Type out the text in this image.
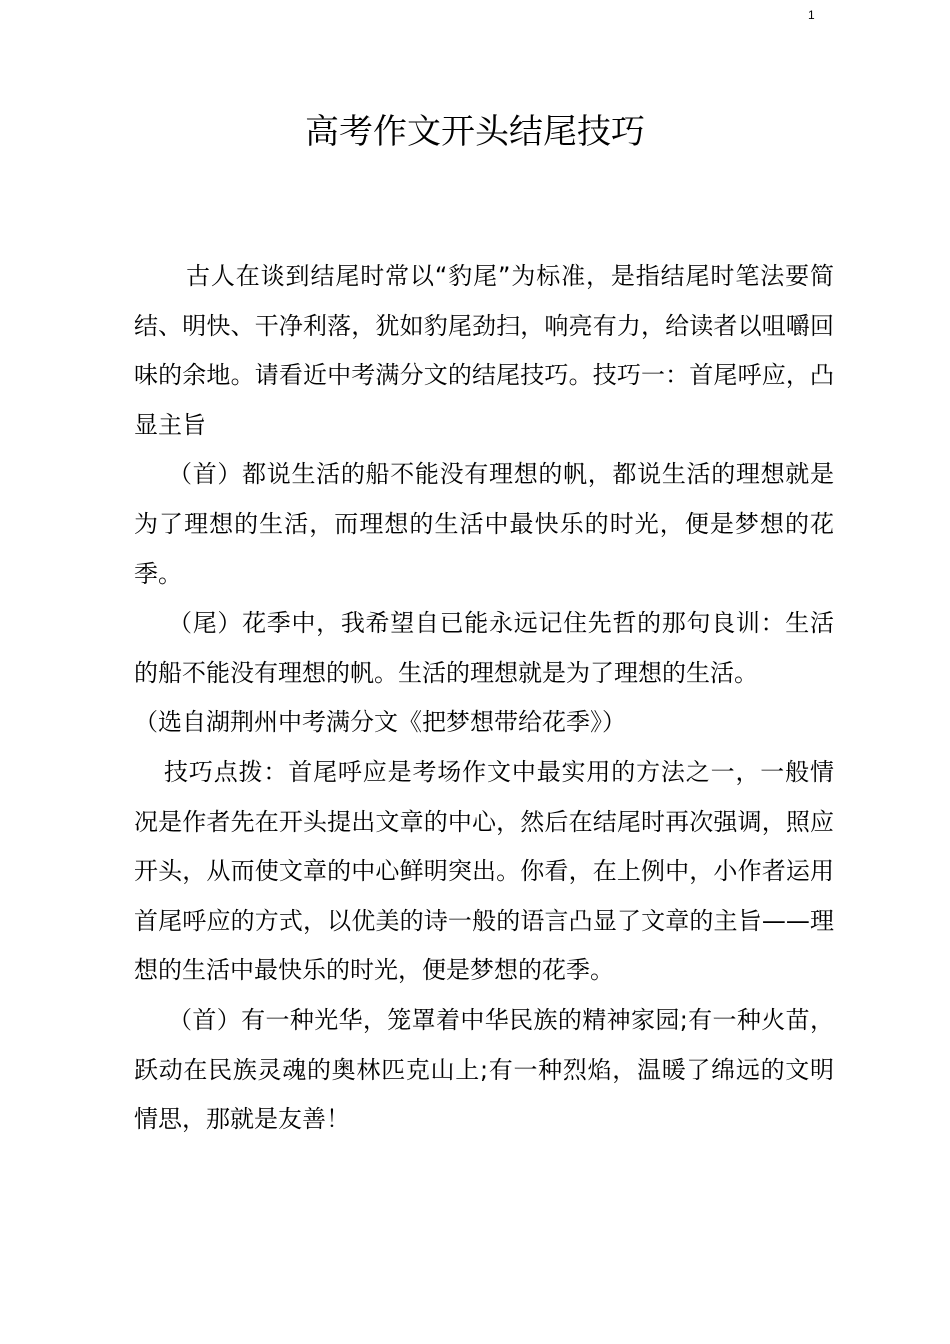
1
高考作文开头结尾技巧

古人在谈到结尾时常以“豹尾”为标准，是指结尾时笔法要简结、明快、干净利落，犹如豹尾劲扫，响亮有力，给读者以咀嚼回味的余地。请看近中考满分文的结尾技巧。技巧一：首尾呼应，凸显主旨

（首）都说生活的船不能没有理想的帆，都说生活的理想就是为了理想的生活，而理想的生活中最快乐的时光，便是梦想的花季。

（尾）花季中，我希望自已能永远记住先哲的那句良训：生活的船不能没有理想的帆。生活的理想就是为了理想的生活。

（选自湖荆州中考满分文《把梦想带给花季》）

技巧点拨：首尾呼应是考场作文中最实用的方法之一，一般情况是作者先在开头提出文章的中心，然后在结尾时再次强调，照应开头，从而使文章的中心鲜明突出。你看，在上例中，小作者运用首尾呼应的方式，以优美的诗一般的语言凸显了文章的主旨——理想的生活中最快乐的时光，便是梦想的花季。

（首）有一种光华，笼罩着中华民族的精神家园;有一种火苗，跃动在民族灵魂的奥林匹克山上;有一种烈焰，温暖了绵远的文明情思，那就是友善！
